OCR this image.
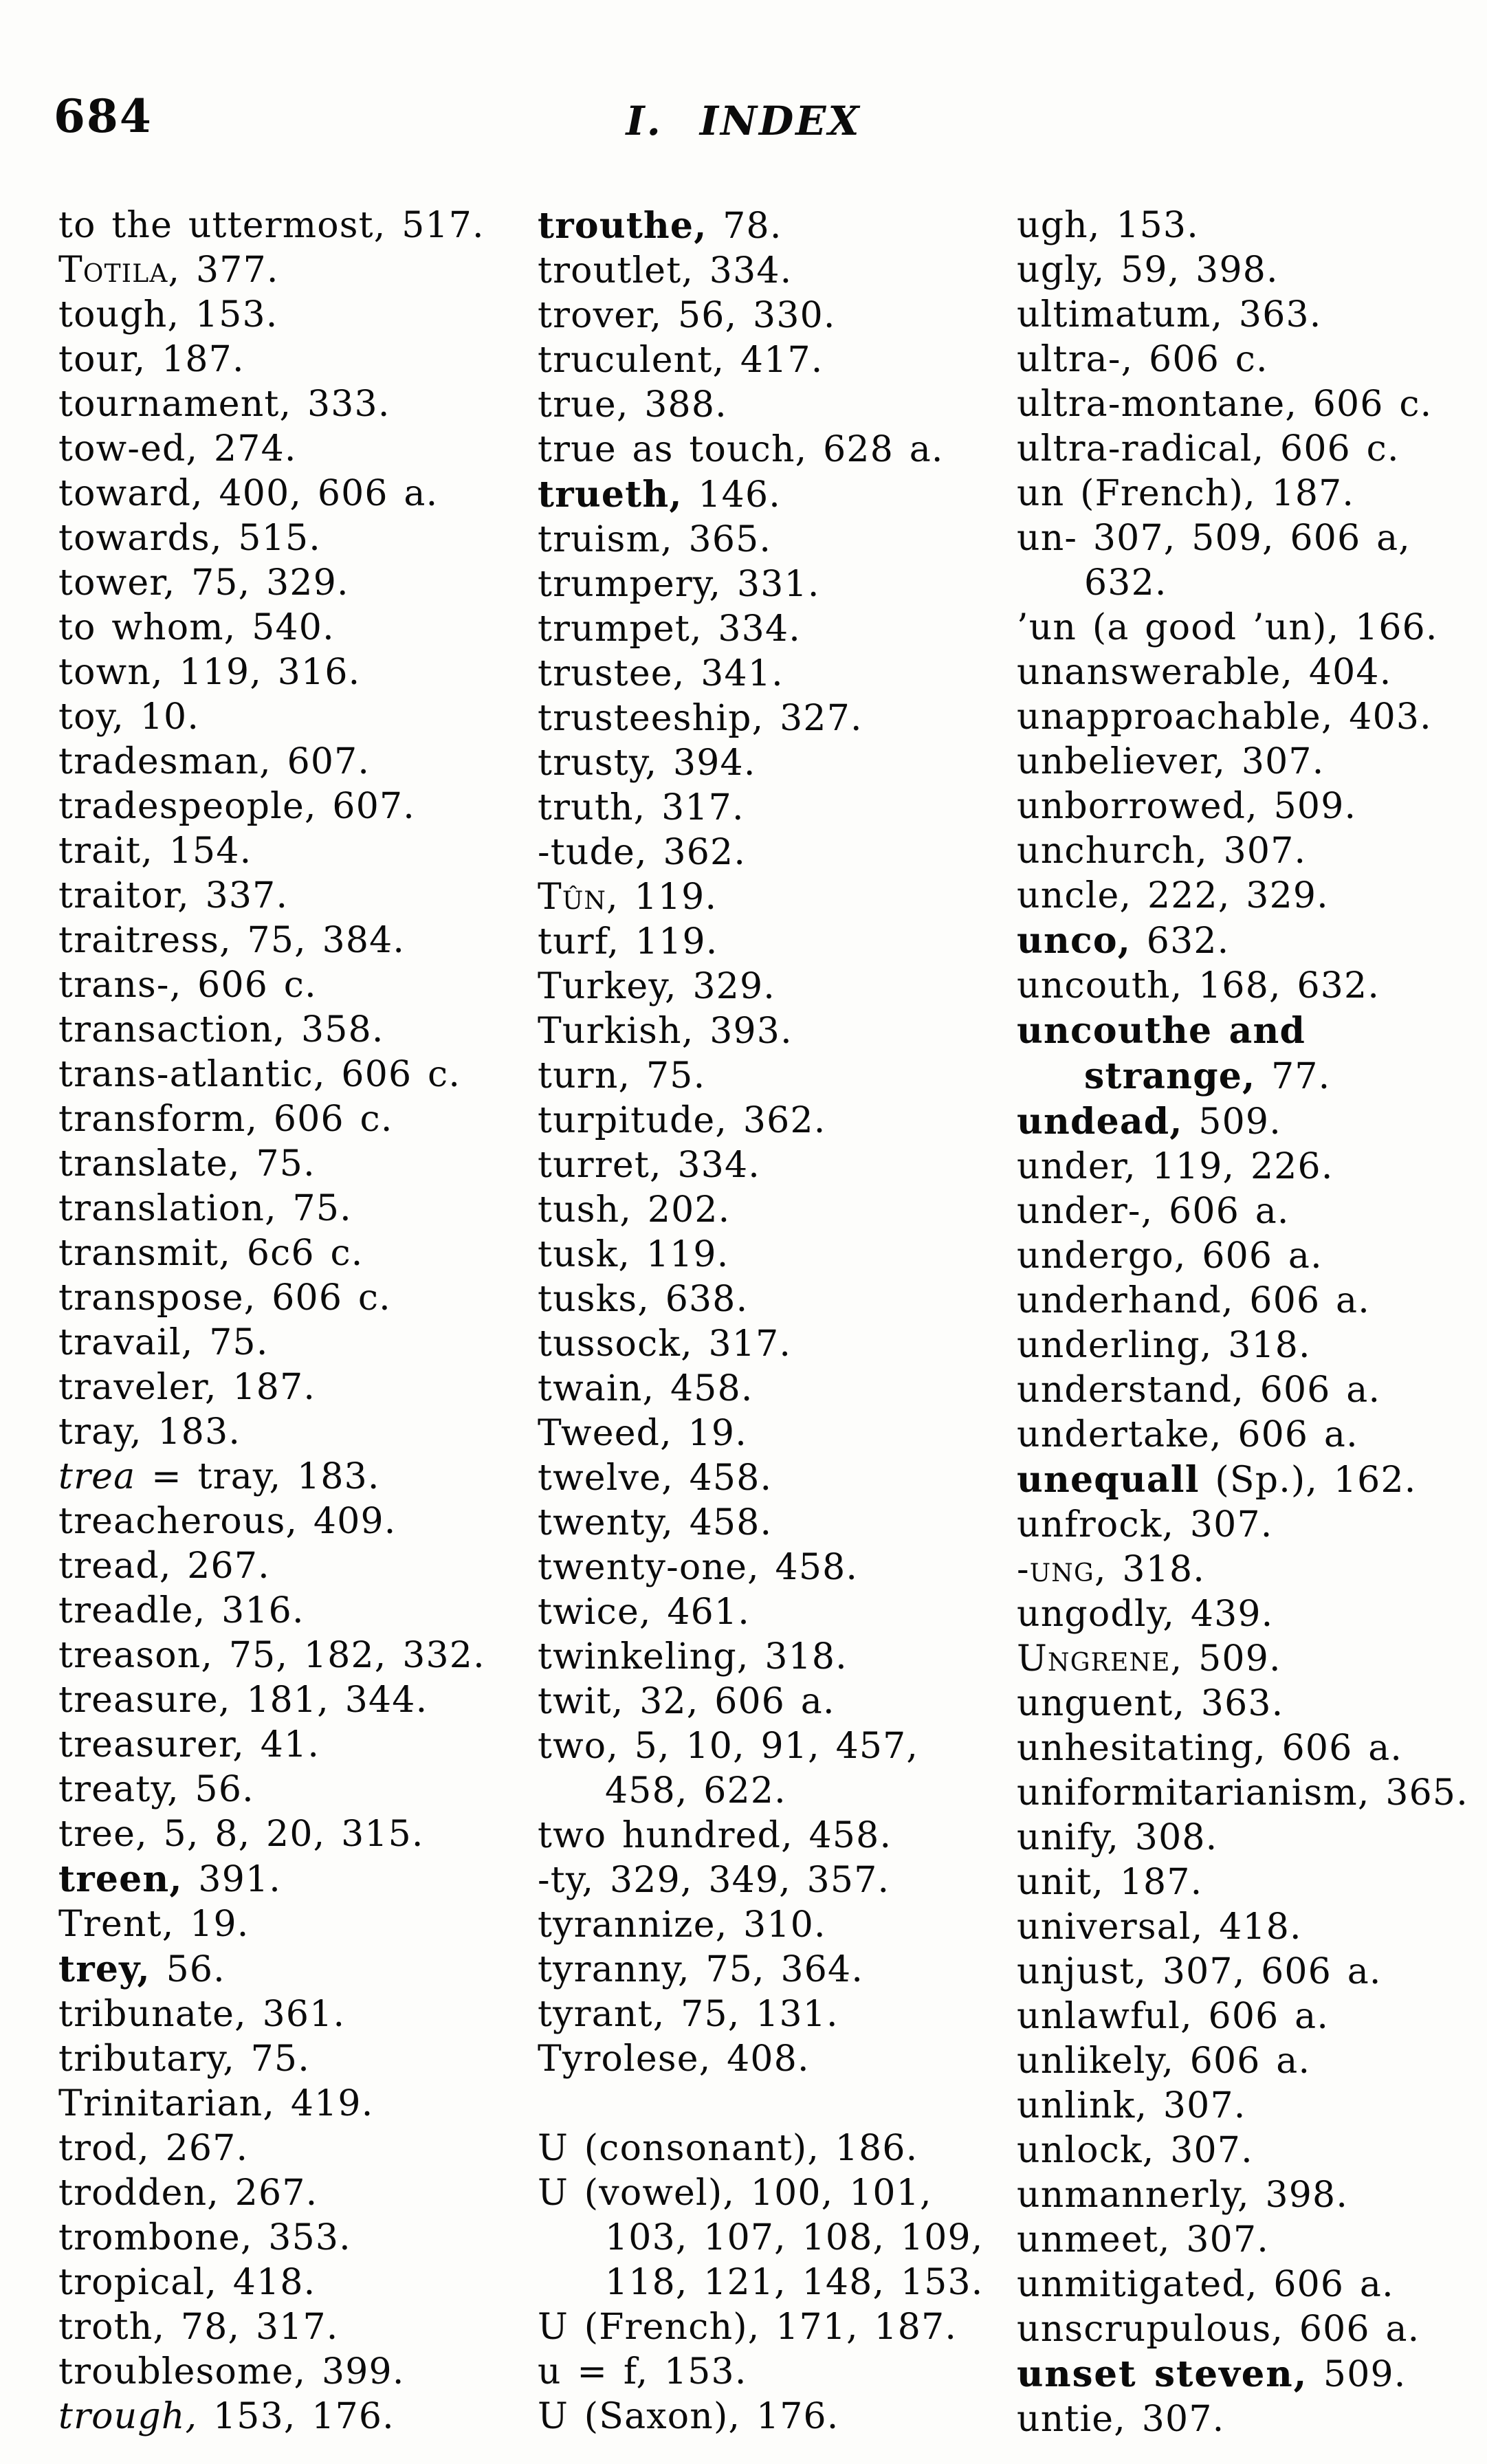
684	I. INDEX
to the uttermost, 517.
Totila, 377.
tough, 153.
tour, 187.
tournament, 333.
tow-ed, 274.
toward, 400, 606 a.
towards, 515.
tower, 75, 329.
to whom, 540.
town, 119, 316.
toy, 10.
tradesman, 607.
tradespeople, 607.
trait, 154.
traitor, 337.
traitress, 75, 384.
trans-, 606 c.
transaction, 358.
trans-atlantic, 606 c.
transform, 606 c.
translate, 75.
translation, 75.
transmit, 6c6 c.
transpose, 606 c.
travail, 75.
traveler, 187.
tray, 183.
trea = tray, 183.
treacherous, 409.
tread, 267.
treadle, 316.
treason, 75, 182, 332.
treasure, 181, 344.
treasurer, 41.
treaty, 56.
tree, 5, 8, 20, 315.
treen, 391.
Trent, 19.
trey, 56.
tribunate, 361.
tributary, 75.
Trinitarian, 419.
trod, 267.
trodden, 267.
trombone, 353.
tropical, 418.
troth, 78, 317.
troublesome, 399.
trough, 153, 176.
trouthe, 78.
troutlet, 334.
trover, 56, 330.
truculent, 417.
true, 388.
true as touch, 628 a.
trueth, 146.
truism, 365.
trumpery, 331.
trumpet, 334.
trustee, 341.
trusteeship, 327.
trusty, 394.
truth, 317.
-tude, 362.
Tûn, 119.
turf, 119.
Turkey, 329.
Turkish, 393.
turn, 75.
turpitude, 362.
turret, 334.
tush, 202.
tusk, 119.
tusks, 638.
tussock, 317.
twain, 458.
Tweed, 19.
twelve, 458.
twenty, 458.
twenty-one, 458.
twice, 461.
twinkeling, 318.
twit, 32, 606 a.
two, 5, 10, 91, 457,
458, 622.
two hundred, 458.
-ty, 329, 349, 357.
tyrannize, 310.
tyranny, 75, 364.
tyrant, 75, 131.
Tyrolese, 408.
U (consonant), 186.
U (vowel), 100, 101,
103, 107, 108, 109,
118, 121, 148, 153.
U (French), 171, 187.
u = f, 153.
U (Saxon), 176.
ugh, 153.
ugly, 59, 398.
ultimatum, 363.
ultra-, 606 c.
ultra-montane, 606 c.
ultra-radical, 606 c.
un (French), 187.
un- 307, 509, 606 a,
632.
’un (a good ’un), 166.
unanswerable, 404.
unapproachable, 403.
unbeliever, 307.
unborrowed, 509.
unchurch, 307.
uncle, 222, 329.
unco, 632.
uncouth, 168, 632.
uncouthe and
strange, 77.
undead, 509.
under, 119, 226.
under-, 606 a.
undergo, 606 a.
underhand, 606 a.
underling, 318.
understand, 606 a.
undertake, 606 a.
unequall (Sp.), 162.
unfrock, 307.
-ung, 318.
ungodly, 439.
Ungrene, 509.
unguent, 363.
unhesitating, 606 a.
uniformitarianism, 365.
unify, 308.
unit, 187.
universal, 418.
unjust, 307, 606 a.
unlawful, 606 a.
unlikely, 606 a.
unlink, 307.
unlock, 307.
unmannerly, 398.
unmeet, 307.
unmitigated, 606 a.
unscrupulous, 606 a.
unset steven, 509.
untie, 307.
